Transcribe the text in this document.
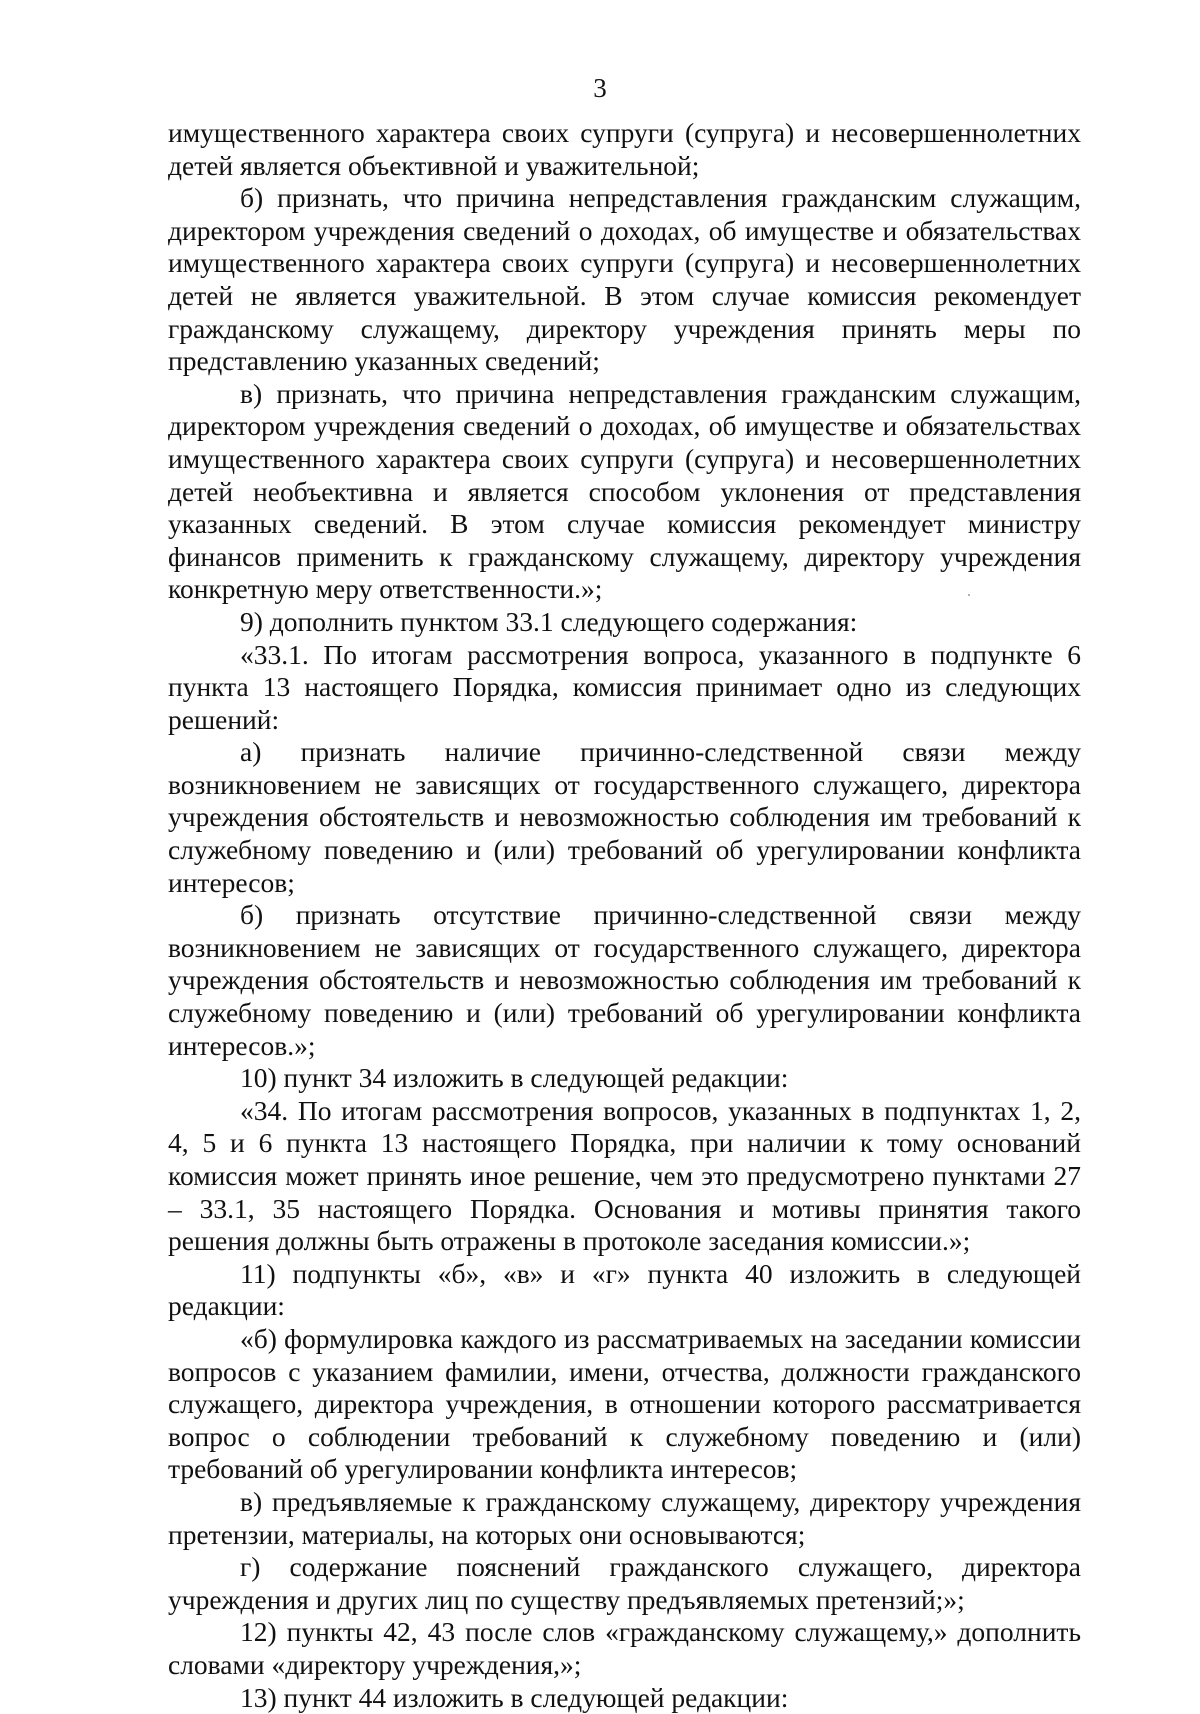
3

имущественного характера своих супруги (супруга) и несовершеннолетних детей является объективной и уважительной;

б) признать, что причина непредставления гражданским служащим, директором учреждения сведений о доходах, об имуществе и обязательствах имущественного характера своих супруги (супруга) и несовершеннолетних детей не является уважительной. В этом случае комиссия рекомендует гражданскому служащему, директору учреждения принять меры по представлению указанных сведений;

в) признать, что причина непредставления гражданским служащим, директором учреждения сведений о доходах, об имуществе и обязательствах имущественного характера своих супруги (супруга) и несовершеннолетних детей необъективна и является способом уклонения от представления указанных сведений. В этом случае комиссия рекомендует министру финансов применить к гражданскому служащему, директору учреждения конкретную меру ответственности.»;

9) дополнить пунктом 33.1 следующего содержания:

«33.1. По итогам рассмотрения вопроса, указанного в подпункте 6 пункта 13 настоящего Порядка, комиссия принимает одно из следующих решений:

а) признать наличие причинно-следственной связи между возникновением не зависящих от государственного служащего, директора учреждения обстоятельств и невозможностью соблюдения им требований к служебному поведению и (или) требований об урегулировании конфликта интересов;

б) признать отсутствие причинно-следственной связи между возникновением не зависящих от государственного служащего, директора учреждения обстоятельств и невозможностью соблюдения им требований к служебному поведению и (или) требований об урегулировании конфликта интересов.»;

10) пункт 34 изложить в следующей редакции:

«34. По итогам рассмотрения вопросов, указанных в подпунктах 1, 2, 4, 5 и 6 пункта 13 настоящего Порядка, при наличии к тому оснований комиссия может принять иное решение, чем это предусмотрено пунктами 27 – 33.1, 35 настоящего Порядка. Основания и мотивы принятия такого решения должны быть отражены в протоколе заседания комиссии.»;

11) подпункты «б», «в» и «г» пункта 40 изложить в следующей редакции:

«б) формулировка каждого из рассматриваемых на заседании комиссии вопросов с указанием фамилии, имени, отчества, должности гражданского служащего, директора учреждения, в отношении которого рассматривается вопрос о соблюдении требований к служебному поведению и (или) требований об урегулировании конфликта интересов;

в) предъявляемые к гражданскому служащему, директору учреждения претензии, материалы, на которых они основываются;

г) содержание пояснений гражданского служащего, директора учреждения и других лиц по существу предъявляемых претензий;»;

12) пункты 42, 43 после слов «гражданскому служащему,» дополнить словами «директору учреждения,»;

13) пункт 44 изложить в следующей редакции:
